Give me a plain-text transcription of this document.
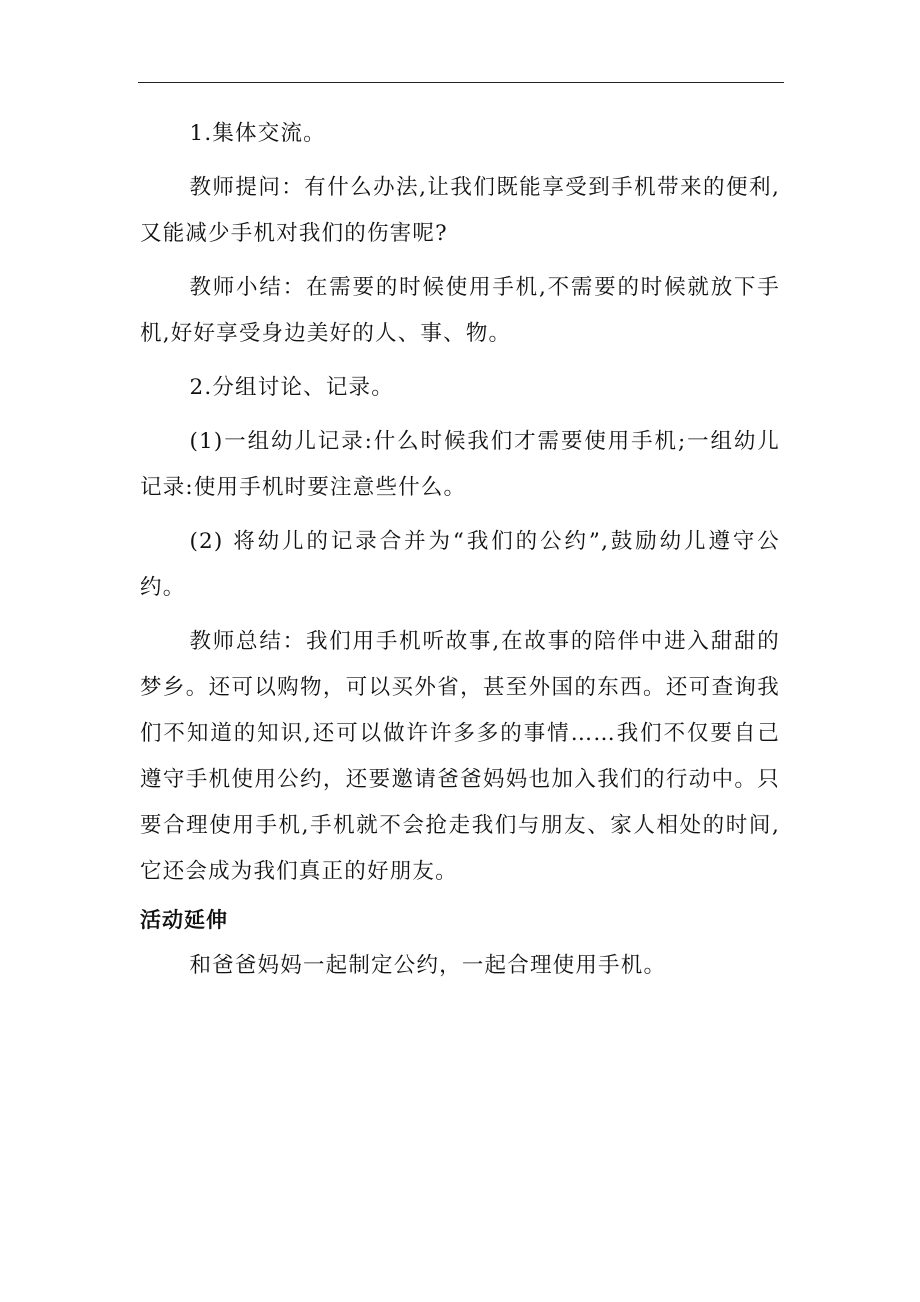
1.集体交流。

教师提问：有什么办法,让我们既能享受到手机带来的便利,又能减少手机对我们的伤害呢?

教师小结：在需要的时候使用手机,不需要的时候就放下手机,好好享受身边美好的人、事、物。

2.分组讨论、记录。

(1)一组幼儿记录:什么时候我们才需要使用手机;一组幼儿记录:使用手机时要注意些什么。

(2) 将幼儿的记录合并为“我们的公约”,鼓励幼儿遵守公约。

教师总结：我们用手机听故事,在故事的陪伴中进入甜甜的梦乡。还可以购物，可以买外省，甚至外国的东西。还可查询我们不知道的知识,还可以做许许多多的事情……我们不仅要自己遵守手机使用公约，还要邀请爸爸妈妈也加入我们的行动中。只要合理使用手机,手机就不会抢走我们与朋友、家人相处的时间,它还会成为我们真正的好朋友。

活动延伸

和爸爸妈妈一起制定公约，一起合理使用手机。
